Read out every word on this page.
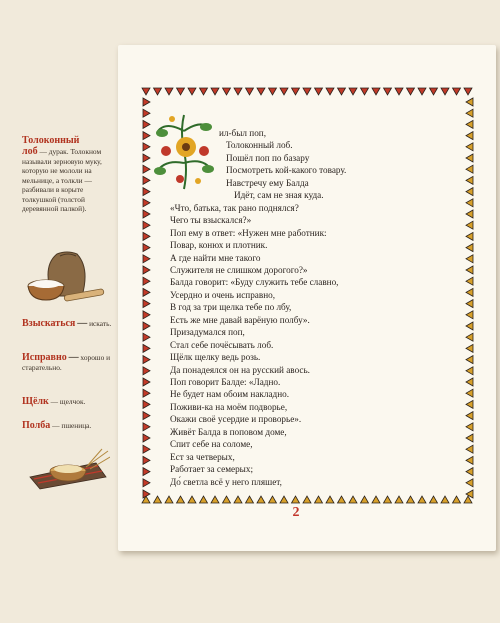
Толоконный
лоб — дурак. Толокном называли зерновую муку, которую не мололи на мельнице, а толкли — разбивали в корыте толкушкой (толстой деревянной палкой).
Взыскаться — искать.
Исправно — хорошо и старательно.
Щёлк — щелчок.
Полба — пшеница.
ил-был поп,
Толоконный лоб.
Пошёл поп по базару
Посмотреть кой-какого товару.
Навстречу ему Балда
Идёт, сам не зная куда.
«Что, батька, так рано поднялся?
Чего ты взыскался?»
Поп ему в ответ: «Нужен мне работник:
Повар, конюх и плотник.
А где найти мне такого
Служителя не слишком дорогого?»
Балда говорит: «Буду служить тебе славно,
Усердно и очень исправно,
В год за три щелка тебе по лбу,
Есть же мне давай варёную полбу».
Призадумался поп,
Стал себе почёсывать лоб.
Щёлк щелку ведь розь.
Да понадеялся он на русский авось.
Поп говорит Балде: «Ладно.
Не будет нам обоим накладно.
Поживи-ка на моём подворье,
Окажи своё усердие и проворье».
Живёт Балда в поповом доме,
Спит себе на соломе,
Ест за четверых,
Работает за семерых;
До́ светла всё у него пляшет,
2
